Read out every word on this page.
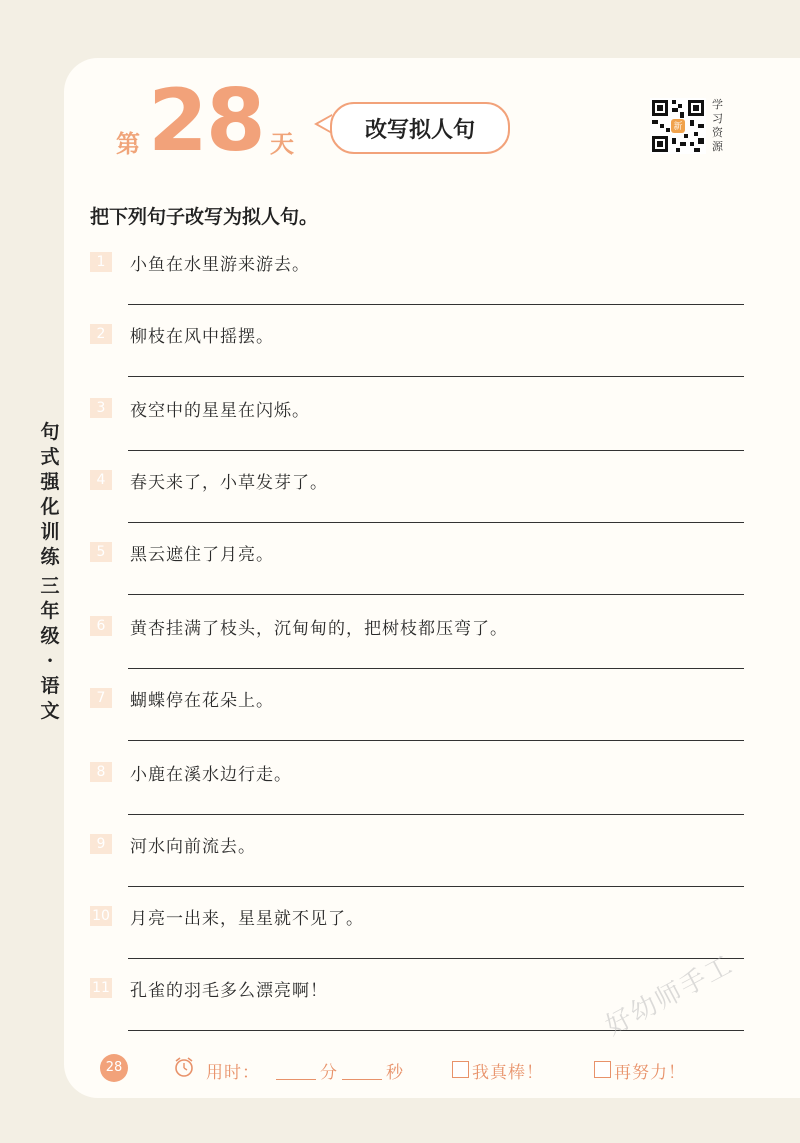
第 28 天	改写拟人句	新
学习资源
把下列句子改写为拟人句。
1	小鱼在水里游来游去。
2	柳枝在风中摇摆。
3	夜空中的星星在闪烁。
4	春天来了，小草发芽了。
5	黑云遮住了月亮。
6	黄杏挂满了枝头，沉甸甸的，把树枝都压弯了。
7	蝴蝶停在花朵上。
8	小鹿在溪水边行走。
9	河水向前流去。
10 月亮一出来，星星就不见了。
11 孔雀的羽毛多么漂亮啊！
句
式
强
化
训
练
三
年
级
·
语
文
28	用时：	分	秒	我真棒！	再努力！
好幼师手工
